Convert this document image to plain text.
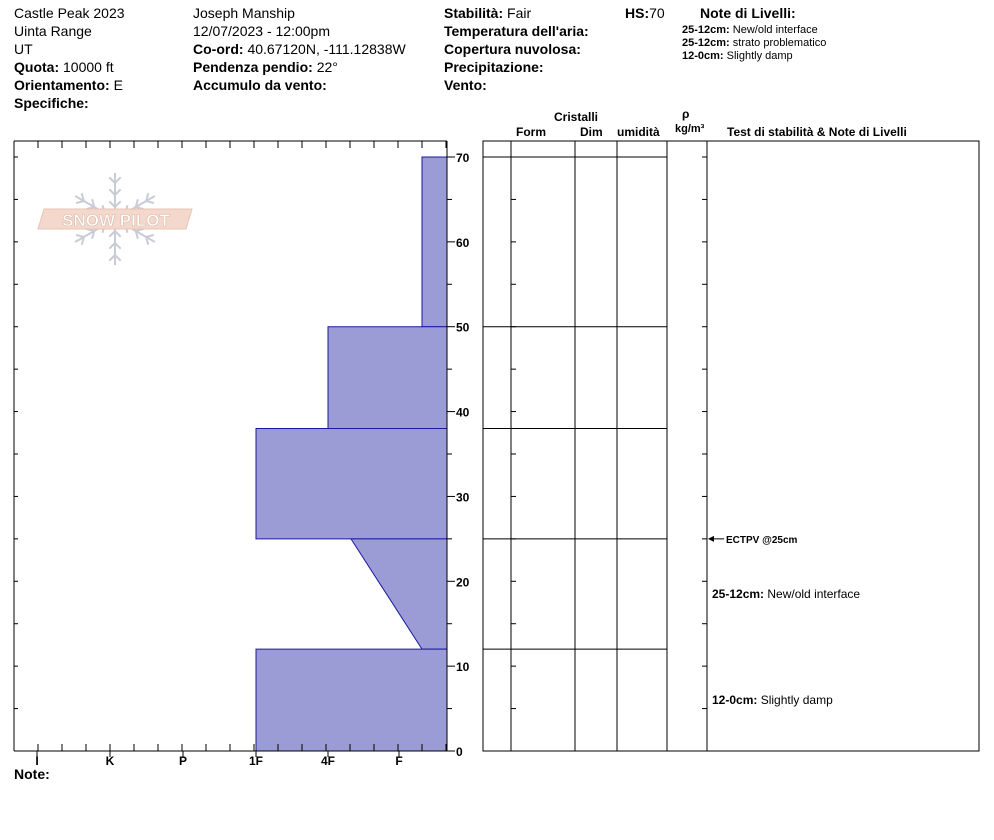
Castle Peak 2023
Uinta Range
UT
Quota: 10000 ft
Orientamento: E
Specifiche:
Joseph Manship
12/07/2023 - 12:00pm
Co-ord: 40.67120N, -111.12838W
Pendenza pendio: 22°
Accumulo da vento:
Stabilità: Fair
Temperatura dell'aria:
Copertura nuvolosa:
Precipitazione:
Vento:
HS:70	Note di Livelli:
25-12cm: New/old interface
25-12cm: strato problematico
12-0cm: Slightly damp
Cristalli
Form	Dim umidità
ρ
kg/m³ Test di stabilità & Note di Livelli
Note:
SNOW PILOT
0
10
20
30
40
50
60
70
I	K	P	1F	4F	F
ECTPV @25cm
25-12cm: New/old interface
12-0cm: Slightly damp
